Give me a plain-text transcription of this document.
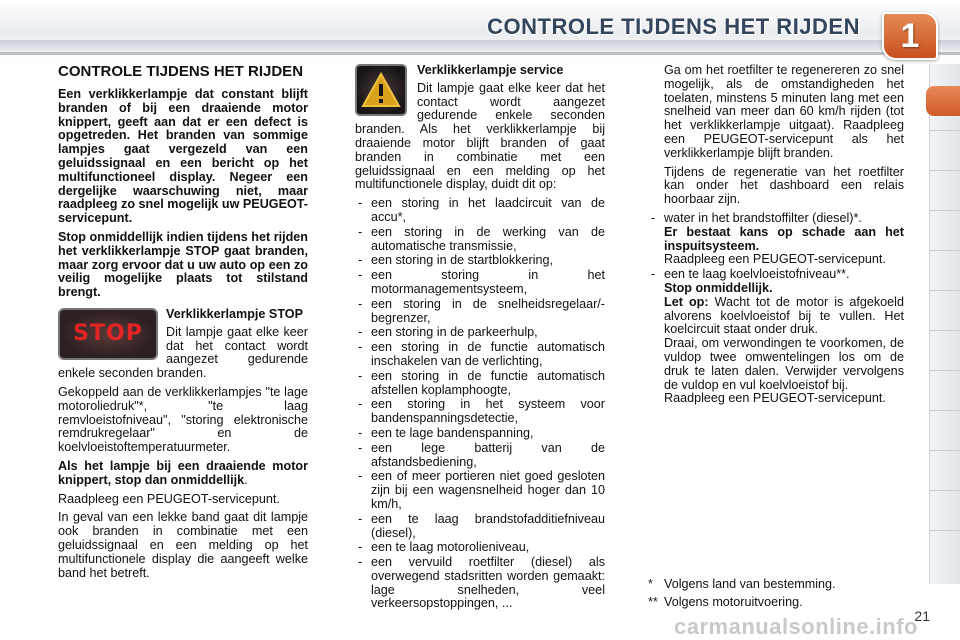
CONTROLE TIJDENS HET RIJDEN 1
CONTROLE TIJDENS HET RIJDEN

Een verklikkerlampje dat constant blijft branden of bij een draaiende motor knippert, geeft aan dat er een defect is opgetreden. Het branden van sommige lampjes gaat vergezeld van een geluidssignaal en een bericht op het multifunctioneel display. Negeer een dergelijke waarschuwing niet, maar raadpleeg zo snel mogelijk uw PEUGEOT-servicepunt.

Stop onmiddellijk indien tijdens het rijden het verklikkerlampje STOP gaat branden, maar zorg ervoor dat u uw auto op een zo veilig mogelijke plaats tot stilstand brengt.

STOP

Verklikkerlampje STOP

Dit lampje gaat elke keer dat het contact wordt aangezet gedurende enkele seconden branden.

Gekoppeld aan de verklikkerlampjes "te lage motoroliedruk"*, "te laag remvloeistofniveau", "storing elektronische remdrukregelaar" en de koelvloeistoftemperatuurmeter.

Als het lampje bij een draaiende motor knippert, stop dan onmiddellijk.

Raadpleeg een PEUGEOT-servicepunt.

In geval van een lekke band gaat dit lampje ook branden in combinatie met een geluidssignaal en een melding op het multifunctionele display die aangeeft welke band het betreft.

Verklikkerlampje service

Dit lampje gaat elke keer dat het contact wordt aangezet gedurende enkele seconden branden. Als het verklikkerlampje bij draaiende motor blijft branden of gaat branden in combinatie met een geluidssignaal en een melding op het multifunctionele display, duidt dit op:

- een storing in het laadcircuit van de accu*,
- een storing in de werking van de automatische transmissie,
- een storing in de startblokkering,
- een storing in het motormanagementsysteem,
- een storing in de snelheidsregelaar/-begrenzer,
- een storing in de parkeerhulp,
- een storing in de functie automatisch inschakelen van de verlichting,
- een storing in de functie automatisch afstellen koplamphoogte,
- een storing in het systeem voor bandenspanningsdetectie,
- een te lage bandenspanning,
- een lege batterij van de afstandsbediening,
- een of meer portieren niet goed gesloten zijn bij een wagensnelheid hoger dan 10 km/h,
- een te laag brandstofadditiefniveau (diesel),
- een te laag motorolieniveau,
- een vervuild roetfilter (diesel) als overwegend stadsritten worden gemaakt: lage snelheden, veel verkeersopstoppingen, ...

Ga om het roetfilter te regenereren zo snel mogelijk, als de omstandigheden het toelaten, minstens 5 minuten lang met een snelheid van meer dan 60 km/h rijden (tot het verklikkerlampje uitgaat). Raadpleeg een PEUGEOT-servicepunt als het verklikkerlampje blijft branden.

Tijdens de regeneratie van het roetfilter kan onder het dashboard een relais hoorbaar zijn.

- water in het brandstoffilter (diesel)*.
Er bestaat kans op schade aan het inspuitsysteem.
Raadpleeg een PEUGEOT-servicepunt.
- een te laag koelvloeistofniveau**.
Stop onmiddellijk.
Let op: Wacht tot de motor is afgekoeld alvorens koelvloeistof bij te vullen. Het koelcircuit staat onder druk.
Draai, om verwondingen te voorkomen, de vuldop twee omwentelingen los om de druk te laten dalen. Verwijder vervolgens de vuldop en vul koelvloeistof bij.
Raadpleeg een PEUGEOT-servicepunt.
* Volgens land van bestemming.
** Volgens motoruitvoering.
21
carmanualsonline.info
